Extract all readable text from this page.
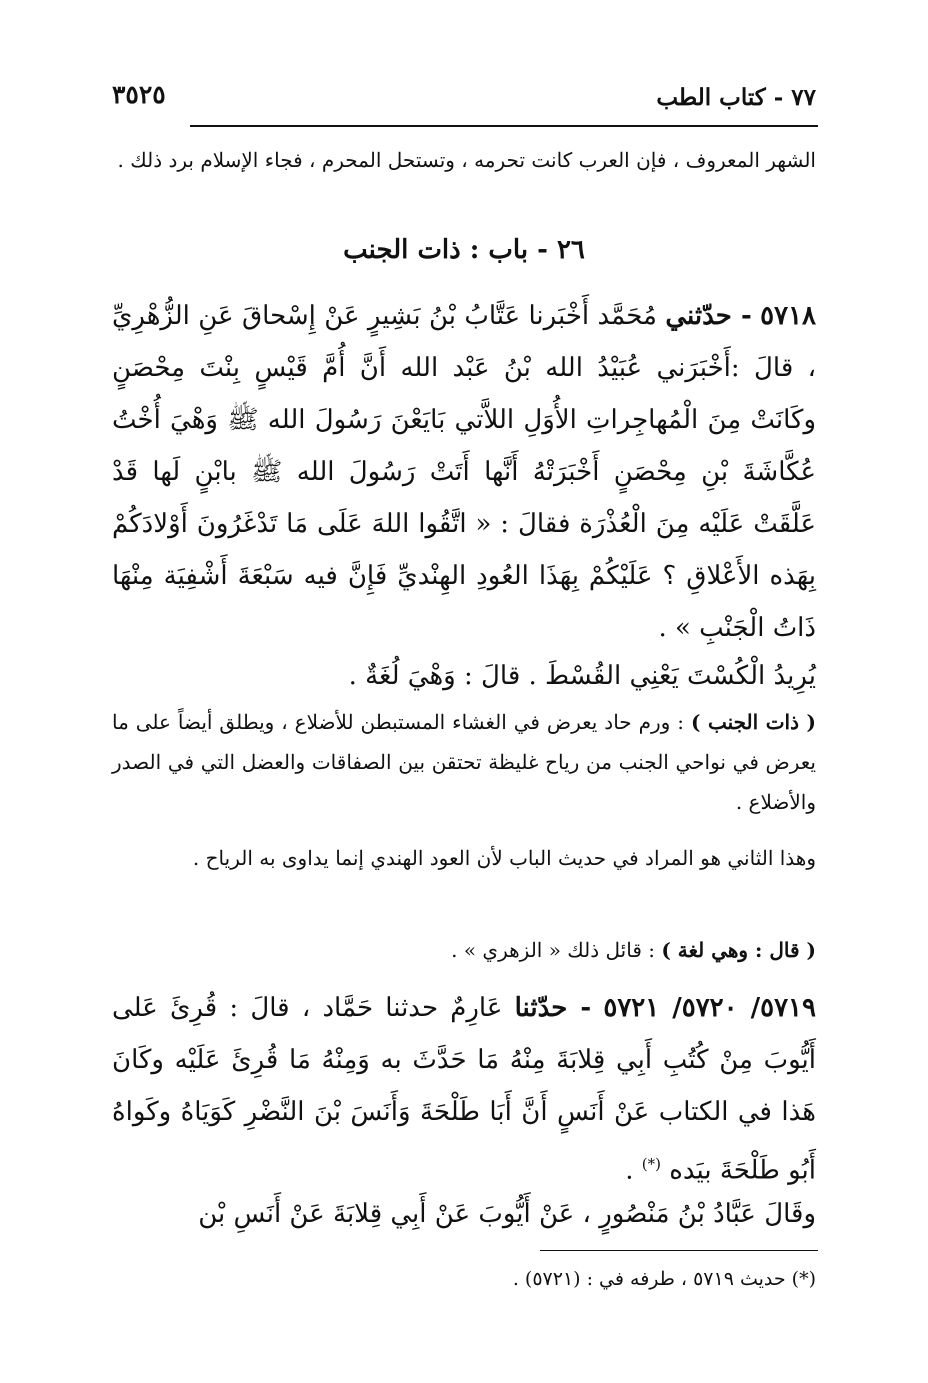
٧٧ - كتاب الطب
٣٥٢٥
الشهر المعروف ، فإن العرب كانت تحرمه ، وتستحل المحرم ، فجاء الإسلام برد ذلك .
٢٦ - باب : ذات الجنب
٥٧١٨ - حدّثني مُحَمَّد أَخْبَرنا عَتَّابُ بْنُ بَشِيرٍ عَنْ إِسْحاقَ عَنِ الزُّهْرِيِّ ، قالَ :أَخْبَرَني عُبَيْدُ الله بْنُ عَبْد الله أَنَّ أُمَّ قَيْسٍ بِنْتَ مِحْصَنٍ وكَانَتْ مِنَ الْمُهاجِراتِ الأُوَلِ اللاَّتي بَايَعْنَ رَسُولَ الله ﷺ وَهْيَ أُخْتُ عُكَّاشَةَ بْنِ مِحْصَنٍ أَخْبَرَتْهُ أَنَّها أَتَتْ رَسُولَ الله ﷺ بابْنٍ لَها قَدْ عَلَّقَتْ عَلَيْه مِنَ الْعُذْرَة فقالَ : « اتَّقُوا اللهَ عَلَى مَا تَدْغَرُونَ أَوْلادَكُمْ بِهَذه الأَعْلاقِ ؟ عَلَيْكُمْ بِهَذَا العُودِ الهِنْديِّ فَإِنَّ فيه سَبْعَةَ أَشْفِيَة مِنْهَا ذَاتُ الْجَنْبِ » .
يُرِيدُ الْكُسْتَ يَعْنِي القُسْطَ . قالَ : وَهْيَ لُغَةٌ .
( ذات الجنب ) : ورم حاد يعرض في الغشاء المستبطن للأضلاع ، ويطلق أيضاً على ما يعرض في نواحي الجنب من رياح غليظة تحتقن بين الصفاقات والعضل التي في الصدر والأضلاع .
وهذا الثاني هو المراد في حديث الباب لأن العود الهندي إنما يداوى به الرياح .
( قال : وهي لغة ) : قائل ذلك « الزهري » .
٥٧١٩/ ٥٧٢٠/ ٥٧٢١ - حدّثنا عَارِمٌ حدثنا حَمَّاد ، قالَ : قُرِئَ عَلى أَيُّوبَ مِنْ كُتُبِ أَبِي قِلابَةَ مِنْهُ مَا حَدَّثَ به وَمِنْهُ مَا قُرِئَ عَلَيْه وكَانَ هَذا في الكتاب عَنْ أَنَسٍ أَنَّ أَبَا طَلْحَةَ وَأَنَسَ بْنَ النَّضْرِ كَوَيَاهُ وكَواهُ أَبُو طَلْحَةَ بيَده (*) .
وقَالَ عَبَّادُ بْنُ مَنْصُورٍ ، عَنْ أَيُّوبَ عَنْ أَبِي قِلابَةَ عَنْ أَنَسِ بْن
(*) حديث ٥٧١٩ ، طرفه في : (٥٧٢١) .
